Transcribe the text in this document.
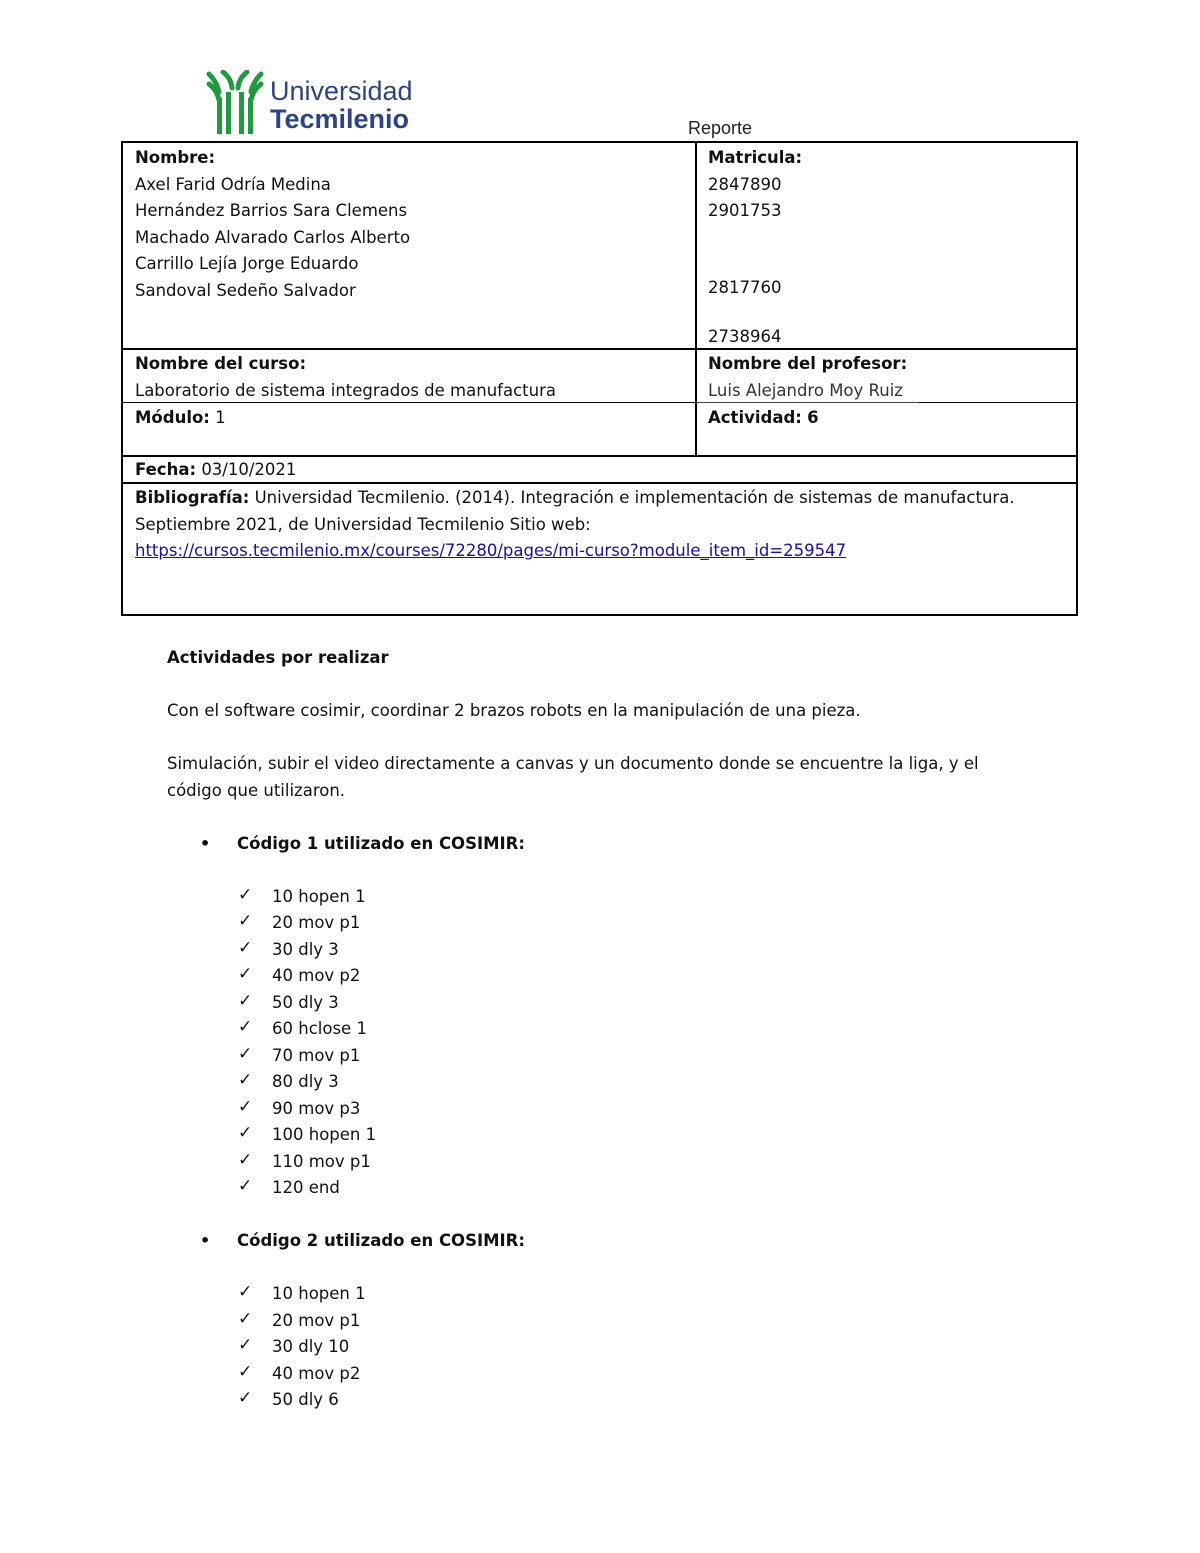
Universidad
Tecmilenio	Reporte
Nombre:
Axel Farid Odría Medina
Hernández Barrios Sara Clemens
Machado Alvarado Carlos Alberto
Carrillo Lejía Jorge Eduardo
Sandoval Sedeño Salvador
Matricula:
2847890
2901753
2817760
2738964
Nombre del curso:
Laboratorio de sistema integrados de manufactura
Nombre del profesor:
Luis Alejandro Moy Ruiz
Módulo: 1	Actividad: 6
Fecha: 03/10/2021
Bibliografía: Universidad Tecmilenio. (2014). Integración e implementación de sistemas de manufactura.
Septiembre 2021, de Universidad Tecmilenio Sitio web:
https://cursos.tecmilenio.mx/courses/72280/pages/mi-curso?module_item_id=259547

Actividades por realizar

Con el software cosimir, coordinar 2 brazos robots en la manipulación de una pieza.

Simulación, subir el video directamente a canvas y un documento donde se encuentre la liga, y el

código que utilizaron.

• Código 1 utilizado en COSIMIR:

✓ 10 hopen 1
✓ 20 mov p1
✓ 30 dly 3
✓ 40 mov p2
✓ 50 dly 3
✓ 60 hclose 1
✓ 70 mov p1
✓ 80 dly 3
✓ 90 mov p3
✓ 100 hopen 1
✓ 110 mov p1
✓ 120 end

• Código 2 utilizado en COSIMIR:

✓ 10 hopen 1
✓ 20 mov p1
✓ 30 dly 10
✓ 40 mov p2
✓ 50 dly 6
